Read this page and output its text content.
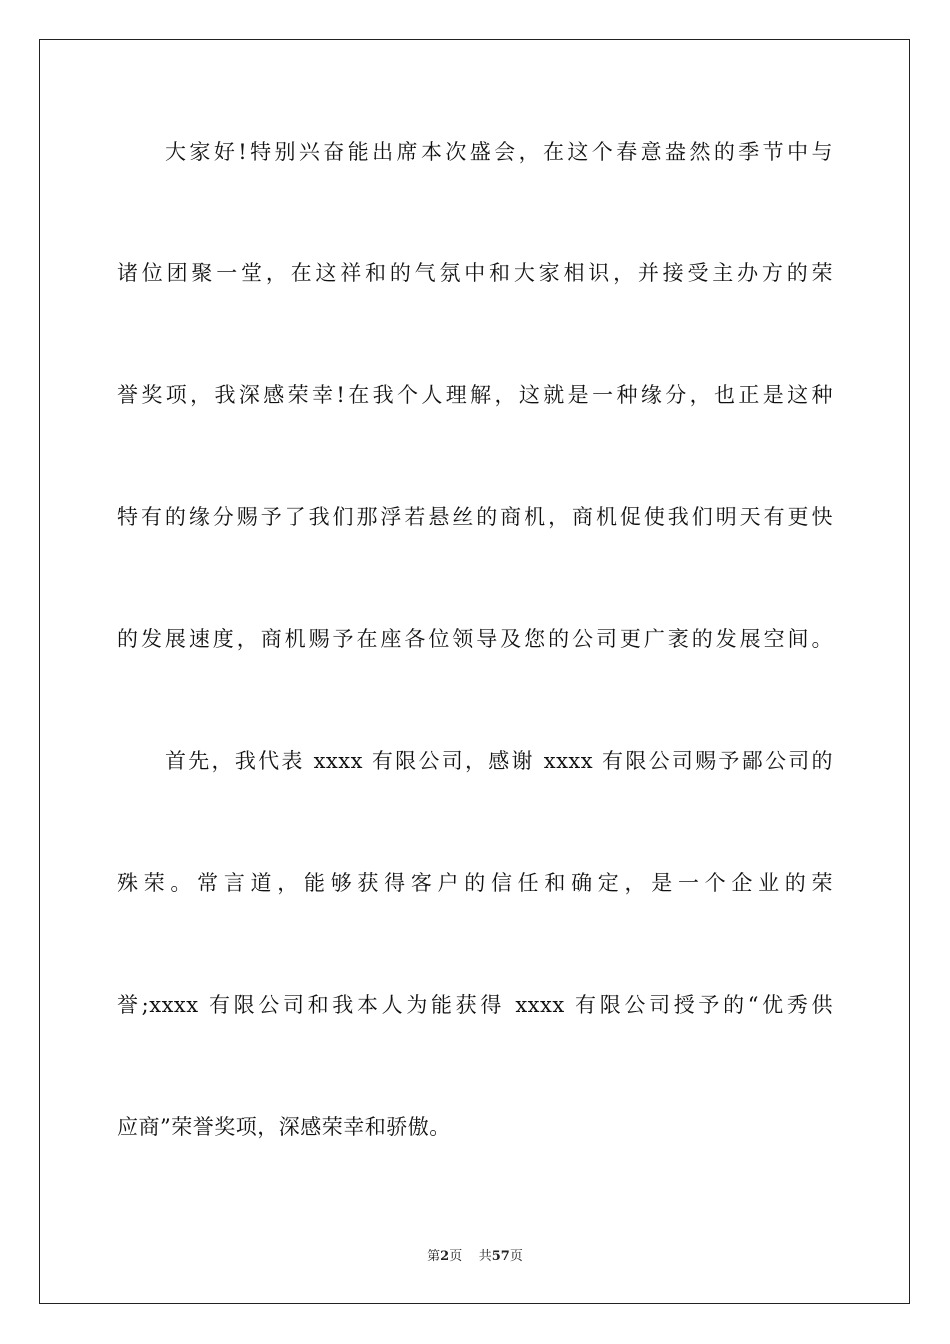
大家好!特别兴奋能出席本次盛会，在这个春意盎然的季节中与
诸位团聚一堂，在这祥和的气氛中和大家相识，并接受主办方的荣
誉奖项，我深感荣幸!在我个人理解，这就是一种缘分，也正是这种
特有的缘分赐予了我们那浮若悬丝的商机，商机促使我们明天有更快
的发展速度，商机赐予在座各位领导及您的公司更广袤的发展空间。
首先，我代表 xxxx 有限公司，感谢 xxxx 有限公司赐予鄙公司的
殊荣。常言道，能够获得客户的信任和确定，是一个企业的荣
誉;xxxx 有限公司和我本人为能获得 xxxx 有限公司授予的“优秀供
应商”荣誉奖项，深感荣幸和骄傲。
第2页 共57页
